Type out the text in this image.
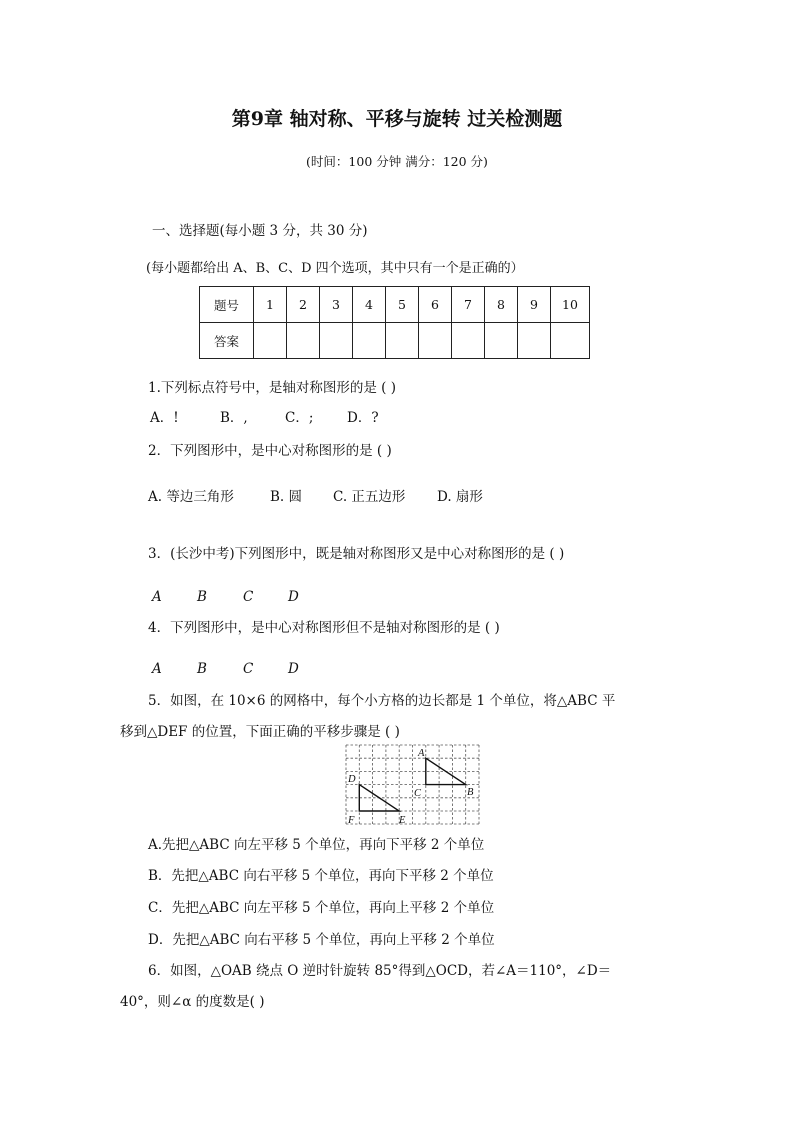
第9章 轴对称、平移与旋转 过关检测题
(时间：100 分钟 满分：120 分)
一、选择题(每小题 3 分，共 30 分)
(每小题都给出 A、B、C、D 四个选项，其中只有一个是正确的）
题号	1	2	3	4	5	6	7	8	9	10
答案										
1.下列标点符号中，是轴对称图形的是 ( )
A．!	B．,	C．; D．?
2．下列图形中，是中心对称图形的是 ( )
A. 等边三角形	B. 圆 C. 正五边形 D. 扇形
3．(长沙中考)下列图形中，既是轴对称图形又是中心对称图形的是 ( )
A	B	C	D
4．下列图形中，是中心对称图形但不是轴对称图形的是 ( )
A	B	C	D
5．如图，在 10×6 的网格中，每个小方格的边长都是 1 个单位，将△ABC 平
移到△DEF 的位置，下面正确的平移步骤是 ( )
A
B
C
D
E
F
A.先把△ABC 向左平移 5 个单位，再向下平移 2 个单位
B．先把△ABC 向右平移 5 个单位，再向下平移 2 个单位
C．先把△ABC 向左平移 5 个单位，再向上平移 2 个单位
D．先把△ABC 向右平移 5 个单位，再向上平移 2 个单位
6．如图，△OAB 绕点 O 逆时针旋转 85°得到△OCD，若∠A＝110°，∠D＝
40°，则∠α 的度数是( )
